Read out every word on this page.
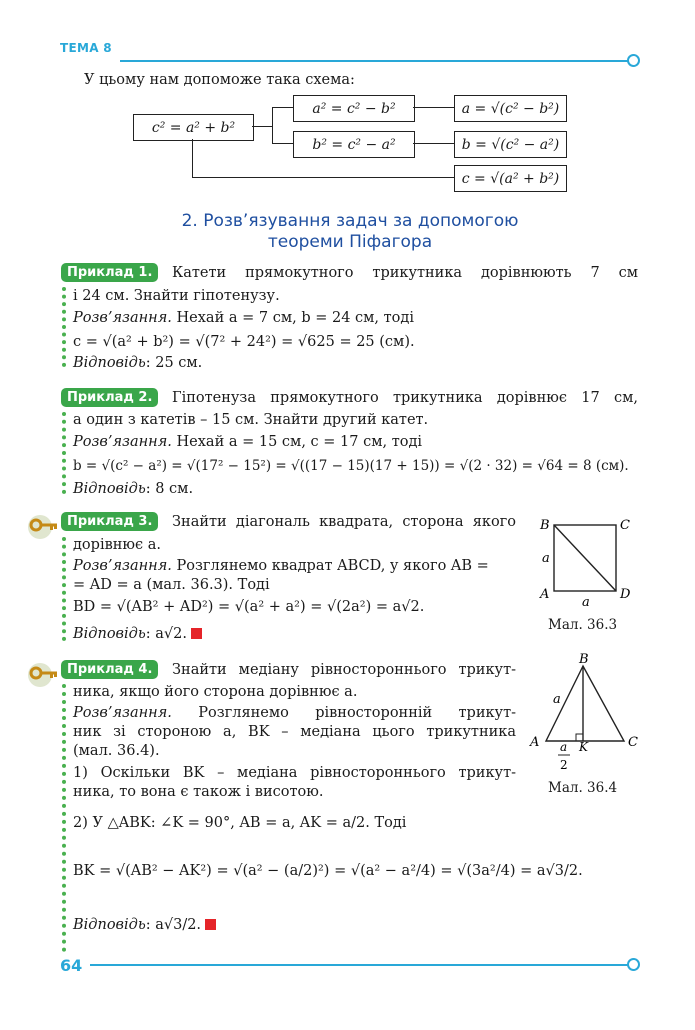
ТЕМА 8
У цьому нам допоможе така схема:
c² = a² + b²
a² = c² − b²
b² = c² − a²
a = √(c² − b²)
b = √(c² − a²)
c = √(a² + b²)
2. Розв’язування задач за допомогою
теореми Піфагора
Приклад 1.	Катети прямокутного трикутника дорівнюють 7 см
і 24 см. Знайти гіпотенузу.
Розв’язання. Нехай a = 7 см, b = 24 см, тоді
c = √(a² + b²) = √(7² + 24²) = √625 = 25 (см).
Відповідь: 25 см.
Приклад 2.	Гіпотенуза прямокутного трикутника дорівнює 17 см,
а один з катетів – 15 см. Знайти другий катет.
Розв’язання. Нехай a = 15 см, c = 17 см, тоді
b = √(c² − a²) = √(17² − 15²) = √((17 − 15)(17 + 15)) = √(2 · 32) = √64 = 8 (см).
Відповідь: 8 см.
Приклад 3.	Знайти діагональ квадрата, сторона якого
дорівнює a.
Розв’язання. Розглянемо квадрат ABCD, у якого AB =
= AD = a (мал. 36.3). Тоді
BD = √(AB² + AD²) = √(a² + a²) = √(2a²) = a√2.
Відповідь: a√2.
B	C
A	D
a
a
Мал. 36.3
Приклад 4.	Знайти медіану рівностороннього трикут-
ника, якщо його сторона дорівнює a.
Розв’язання. Розглянемо рівносторонній трикут-
ник зі стороною a, BK – медіана цього трикутника
(мал. 36.4).
1) Оскільки BK – медіана рівностороннього трикут-
ника, то вона є також і висотою.
2) У △ABK: ∠K = 90°, AB = a, AK = a/2. Тоді
BK = √(AB² − AK²) = √(a² − (a/2)²) = √(a² − a²/4) = √(3a²/4) = a√3/2.
Відповідь: a√3/2.
B
A	C
K
a
a
2
Мал. 36.4
64
